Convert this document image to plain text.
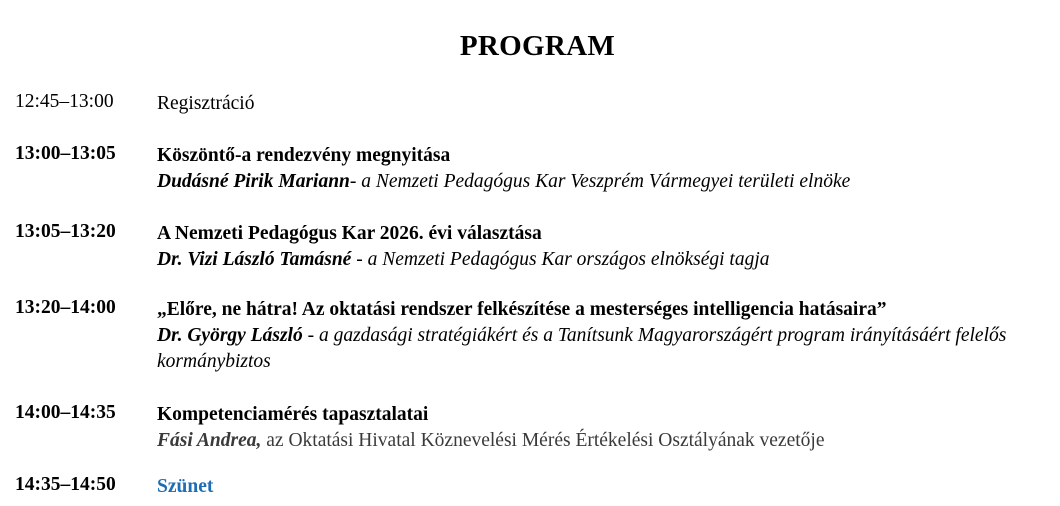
PROGRAM
12:45–13:00 Regisztráció
13:00–13:05 Köszöntő-a rendezvény megnyitása
Dudásné Pirik Mariann- a Nemzeti Pedagógus Kar Veszprém Vármegyei területi elnöke
13:05–13:20 A Nemzeti Pedagógus Kar 2026. évi választása
Dr. Vizi László Tamásné - a Nemzeti Pedagógus Kar országos elnökségi tagja
13:20–14:00 „Előre, ne hátra! Az oktatási rendszer felkészítése a mesterséges intelligencia hatásaira”
Dr. György László - a gazdasági stratégiákért és a Tanítsunk Magyarországért program irányításáért felelős kormánybiztos
14:00–14:35 Kompetenciamérés tapasztalatai
Fási Andrea, az Oktatási Hivatal Köznevelési Mérés Értékelési Osztályának vezetője
14:35–14:50 Szünet
